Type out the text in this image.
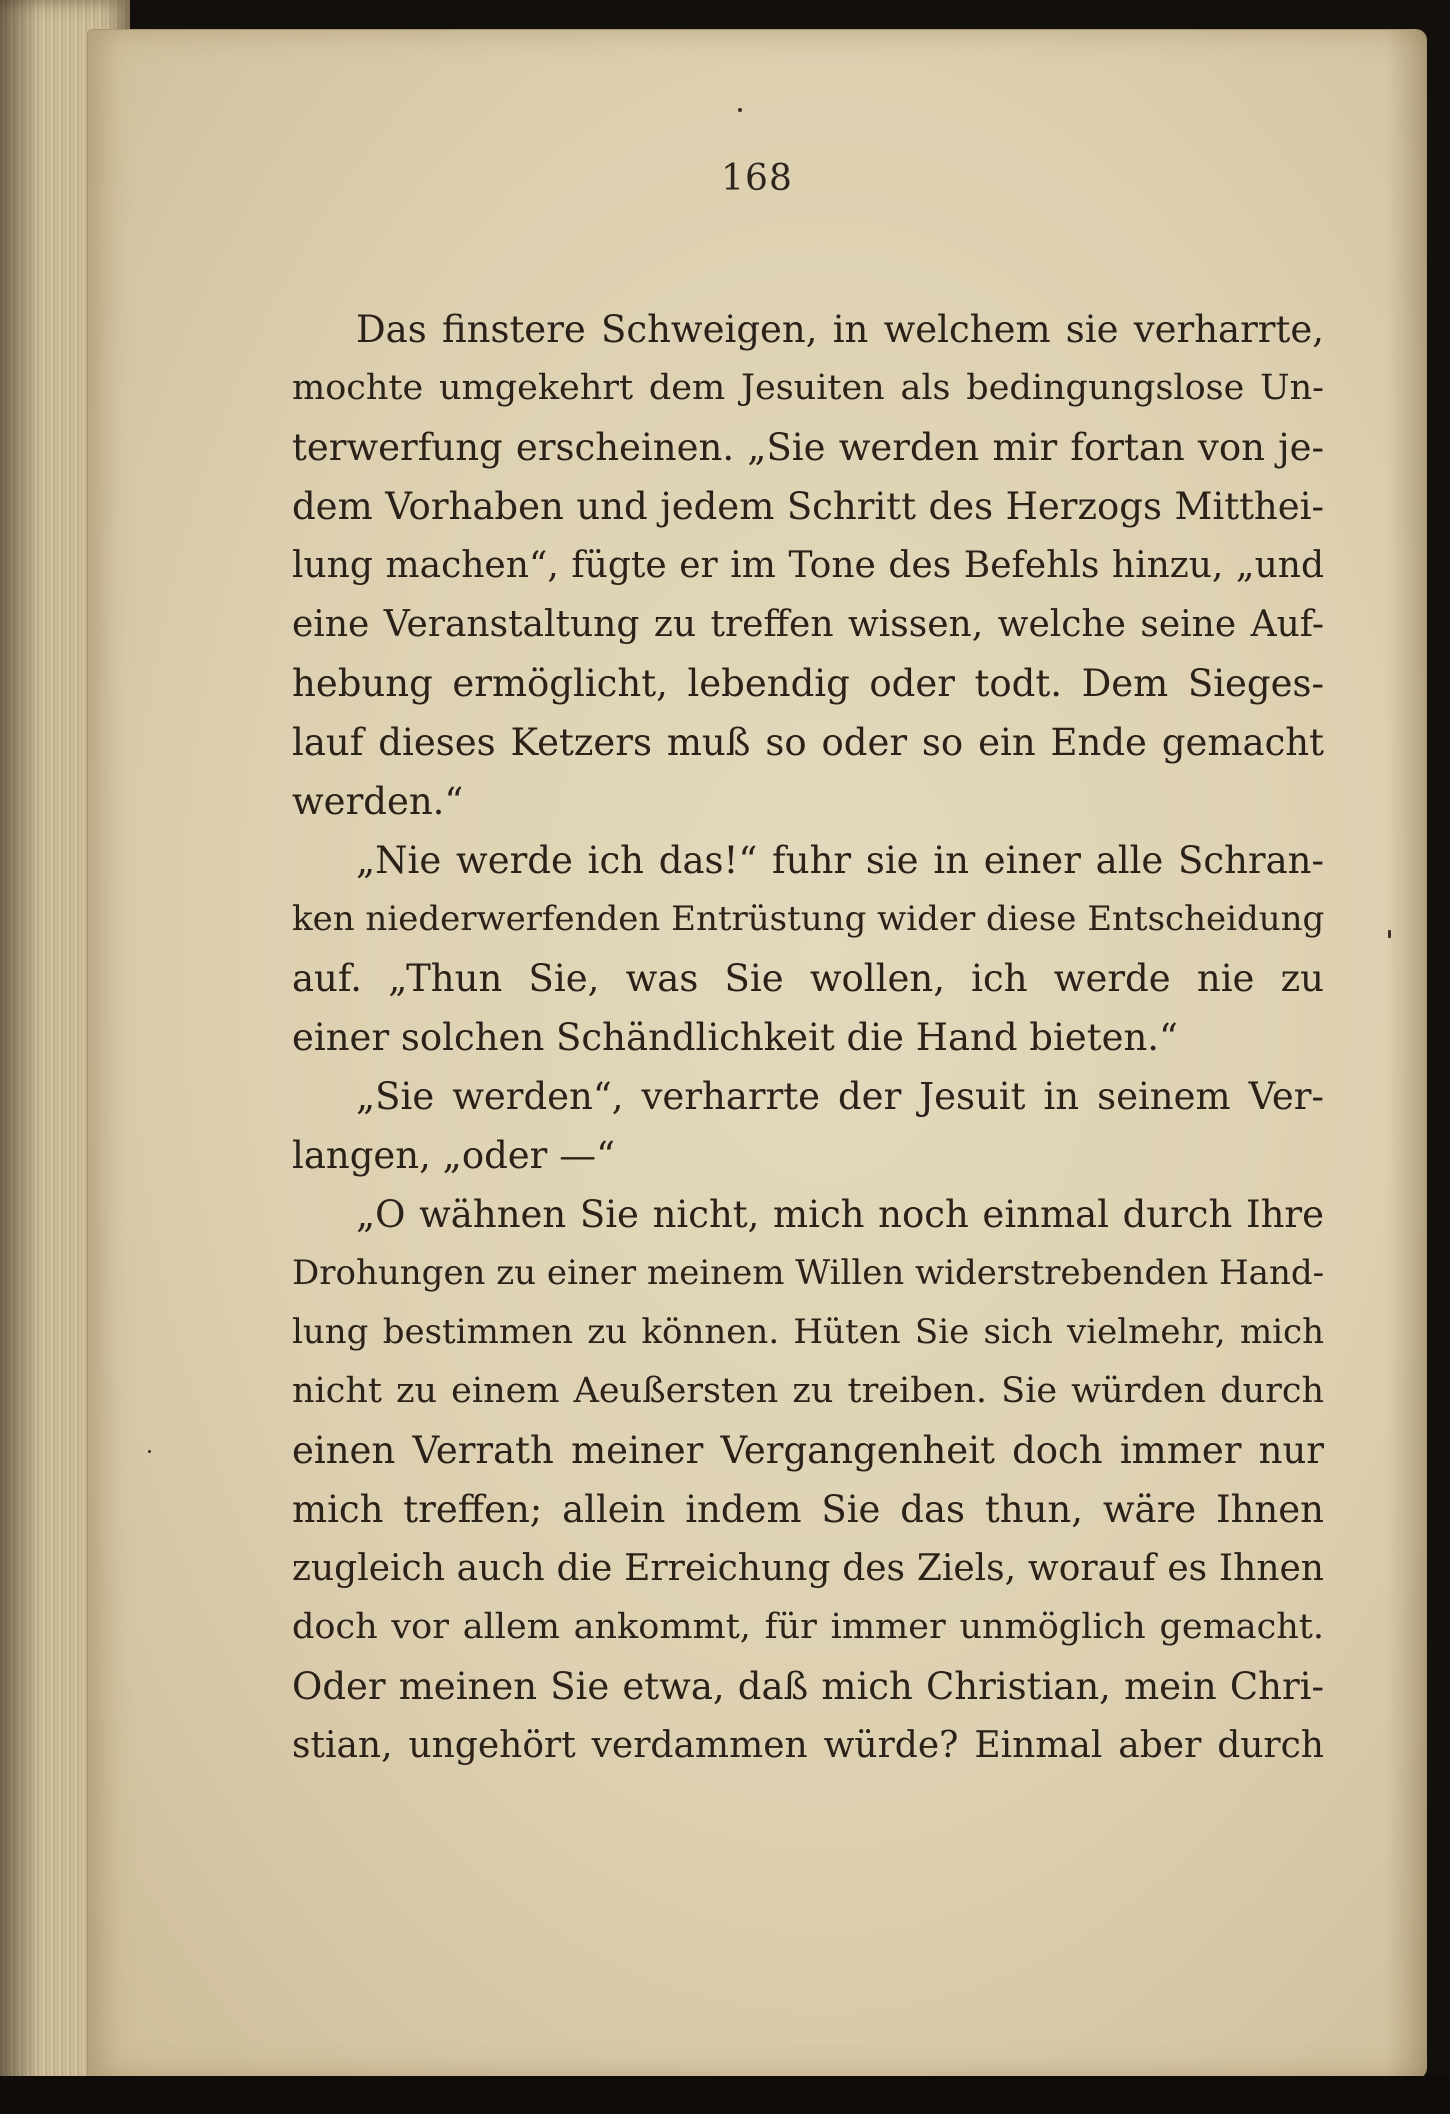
168
Das finstere Schweigen, in welchem sie verharrte,
mochte umgekehrt dem Jesuiten als bedingungslose Un-
terwerfung erscheinen. „Sie werden mir fortan von je-
dem Vorhaben und jedem Schritt des Herzogs Mitthei-
lung machen“, fügte er im Tone des Befehls hinzu, „und
eine Veranstaltung zu treffen wissen, welche seine Auf-
hebung ermöglicht, lebendig oder todt. Dem Sieges-
lauf dieses Ketzers muß so oder so ein Ende gemacht
werden.“
„Nie werde ich das!“ fuhr sie in einer alle Schran-
ken niederwerfenden Entrüstung wider diese Entscheidung
auf. „Thun Sie, was Sie wollen, ich werde nie zu
einer solchen Schändlichkeit die Hand bieten.“
„Sie werden“, verharrte der Jesuit in seinem Ver-
langen, „oder —“
„O wähnen Sie nicht, mich noch einmal durch Ihre
Drohungen zu einer meinem Willen widerstrebenden Hand-
lung bestimmen zu können. Hüten Sie sich vielmehr, mich
nicht zu einem Aeußersten zu treiben. Sie würden durch
einen Verrath meiner Vergangenheit doch immer nur
mich treffen; allein indem Sie das thun, wäre Ihnen
zugleich auch die Erreichung des Ziels, worauf es Ihnen
doch vor allem ankommt, für immer unmöglich gemacht.
Oder meinen Sie etwa, daß mich Christian, mein Chri-
stian, ungehört verdammen würde? Einmal aber durch
